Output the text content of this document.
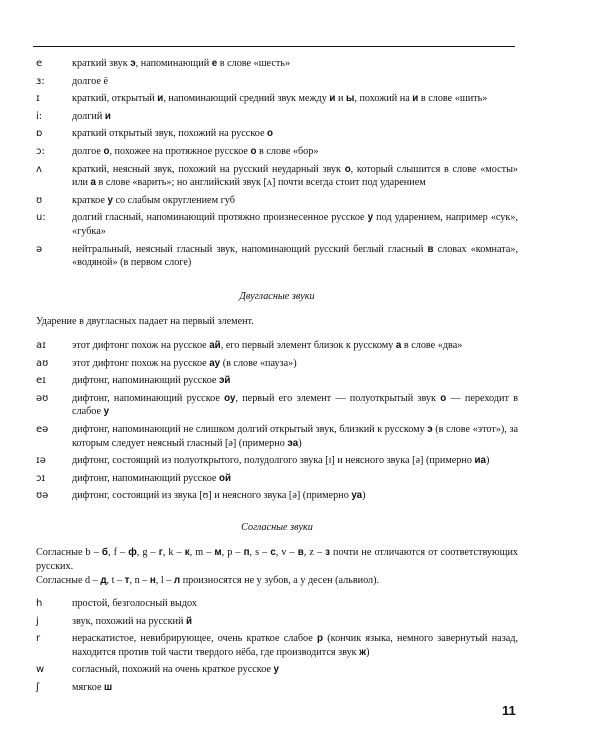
e	краткий звук э, напоминающий е в слове «шесть»
ɜ:	долгое ё
ɪ	краткий, открытый и, напоминающий средний звук между и и ы, похожий на и в слове «шить»
i:	долгий и
ɒ	краткий открытый звук, похожий на русское о
ɔ:	долгое о, похожее на протяжное русское о в слове «бор»
ʌ	краткий, неясный звук, похожий на русский неударный звук о, который слышится в слове «мосты» или а в слове «варить»; но английский звук [ʌ] почти всегда стоит под ударением
ʊ	краткое у со слабым округлением губ
u:	долгий гласный, напоминающий протяжно произнесенное русское у под ударением, например «сук», «губка»
ə	нейтральный, неясный гласный звук, напоминающий русский беглый гласный в словах «комната», «водяной» (в первом слоге)
Двугласные звуки
Ударение в двугласных падает на первый элемент.
aɪ	этот дифтонг похож на русское ай, его первый элемент близок к русскому а в слове «два»
aʊ	этот дифтонг похож на русское ау (в слове «пауза»)
eɪ	дифтонг, напоминающий русское эй
əʊ	дифтонг, напоминающий русское оу, первый его элемент — полуоткрытый звук о — переходит в слабое у
eə	дифтонг, напоминающий не слишком долгий открытый звук, близкий к русскому э (в слове «этот»), за которым следует неясный гласный [ə] (примерно эа)
ɪə	дифтонг, состоящий из полуоткрытого, полудолгого звука [ɪ] и неясного звука [ə] (примерно иа)
ɔɪ	дифтонг, напоминающий русское ой
ʊə	дифтонг, состоящий из звука [ʊ] и неясного звука [ə] (примерно уа)
Согласные звуки
Согласные b – б, f – ф, g – г, k – к, m – м, p – п, s – с, v – в, z – з почти не отличаются от соответствующих русских.
Согласные d – д, t – т, n – н, l – л произносятся не у зубов, а у десен (альвиол).
h	простой, безголосный выдох
j	звук, похожий на русский й
r	нераскатистое, невибрирующее, очень краткое слабое р (кончик языка, немного завернутый назад, находится против той части твердого нёба, где производится звук ж)
w	согласный, похожий на очень краткое русское у
ʃ	мягкое ш
11
